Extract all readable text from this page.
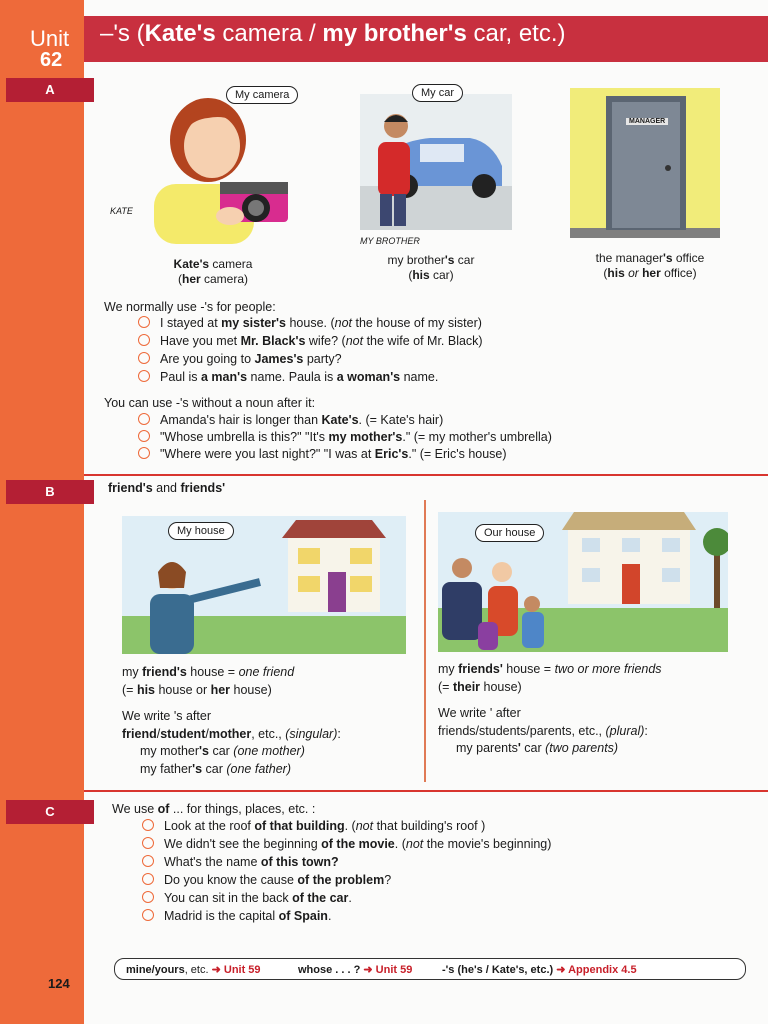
Unit
62
–'s (Kate's camera / my brother's car, etc.)
A	My camera
KATE
Kate's camera
(her camera)
My car
MY BROTHER
my brother's car
(his car)
MANAGER
the manager's office
(his or her office)
We normally use -'s for people:
I stayed at my sister's house. (not the house of my sister)
Have you met Mr. Black's wife? (not the wife of Mr. Black)
Are you going to James's party?
Paul is a man's name. Paula is a woman's name.
You can use -'s without a noun after it:
Amanda's hair is longer than Kate's. (= Kate's hair)
"Whose umbrella is this?" "It's my mother's." (= my mother's umbrella)
"Where were you last night?" "I was at Eric's." (= Eric's house)
B	friend's and friends'
My house
my friend's house = one friend
(= his house or her house)
We write 's after
friend/student/mother, etc., (singular):
my mother's car (one mother)
my father's car (one father)
Our house
my friends' house = two or more friends
(= their house)
We write ' after
friends/students/parents, etc., (plural):
my parents' car (two parents)
C	We use of ... for things, places, etc. :
Look at the roof of that building. (not that building's roof )
We didn't see the beginning of the movie. (not the movie's beginning)
What's the name of this town?
Do you know the cause of the problem?
You can sit in the back of the car.
Madrid is the capital of Spain.
124
mine/yours, etc. ➜ Unit 59	whose . . . ? ➜ Unit 59	-'s (he's / Kate's, etc.) ➜ Appendix 4.5
